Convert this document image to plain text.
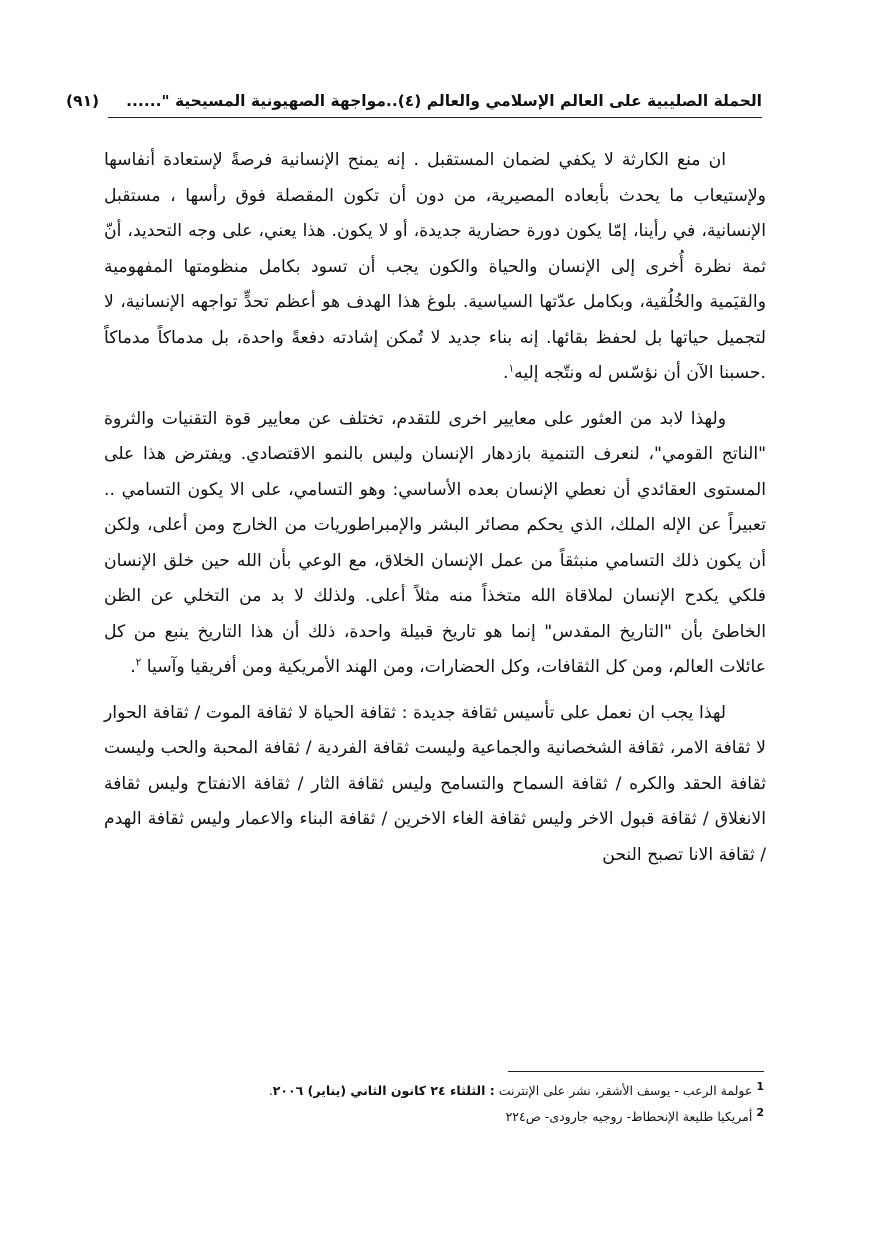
الحملة الصليبية على العالم الإسلامي والعالم (٤)..مواجهة الصهيونية المسيحية "......     (٩١)

ان منع الكارثة لا يكفي لضمان المستقبل . إنه يمنح الإنسانية فرصةً لإستعادة أنفاسها ولإستيعاب ما يحدث بأبعاده المصيرية، من دون أن تكون المقصلة فوق رأسها ، مستقبل الإنسانية، في رأينا، إمّا يكون دورة حضارية جديدة، أو لا يكون. هذا يعني، على وجه التحديد، أنّ ثمة نظرة أُخرى إلى الإنسان والحياة والكون يجب أن تسود بكامل منظومتها المفهومية والقيَمية والخُلُقية، وبكامل عدّتها السياسية. بلوغ هذا الهدف هو أعظم تحدٍّ تواجهه الإنسانية، لا لتجميل حياتها بل لحفظ بقائها. إنه بناء جديد لا تُمكن إشادته دفعةً واحدة، بل مدماكاً مدماكاً .حسبنا الآن أن نؤسّس له ونتّجه إليه$^١$.

ولهذا لابد من العثور على معايير اخرى للتقدم، تختلف عن معايير قوة التقنيات والثروة "الناتج القومي"، لنعرف التنمية بازدهار الإنسان وليس بالنمو الاقتصادي. ويفترض هذا على المستوى العقائدي أن نعطي الإنسان بعده الأساسي: وهو التسامي، على الا يكون التسامي .. تعبيراً عن الإله الملك، الذي يحكم مصائر البشر والإمبراطوريات من الخارج ومن أعلى، ولكن أن يكون ذلك التسامي منبثقاً من عمل الإنسان الخلاق، مع الوعي بأن الله حين خلق الإنسان فلكي يكدح الإنسان لملاقاة الله متخذاً منه مثلاً أعلى. ولذلك لا بد من التخلي عن الظن الخاطئ بأن "التاريخ المقدس" إنما هو تاريخ قبيلة واحدة، ذلك أن هذا التاريخ ينبع من كل عائلات العالم، ومن كل الثقافات، وكل الحضارات، ومن الهند الأمريكية ومن أفريقيا وآسيا $^٢$.

لهذا يجب ان نعمل على تأسيس ثقافة جديدة : ثقافة الحياة لا ثقافة الموت / ثقافة الحوار لا ثقافة الامر، ثقافة الشخصانية والجماعية وليست ثقافة الفردية / ثقافة المحبة والحب وليست ثقافة الحقد والكره / ثقافة السماح والتسامح وليس ثقافة الثار / ثقافة الانفتاح وليس ثقافة الانغلاق / ثقافة قبول الاخر وليس ثقافة الغاء الاخرين / ثقافة البناء والاعمار وليس ثقافة الهدم / ثقافة الانا تصبح النحن

1عولمة الرعب - يوسف الأشقر، نشر على الإنترنت : الثلثاء ٢٤ كانون الثاني (يناير) ٢٠٠٦.
2أمريكيا طليعة الإنحطاط- روجيه جارودى- ص٢٢٤
